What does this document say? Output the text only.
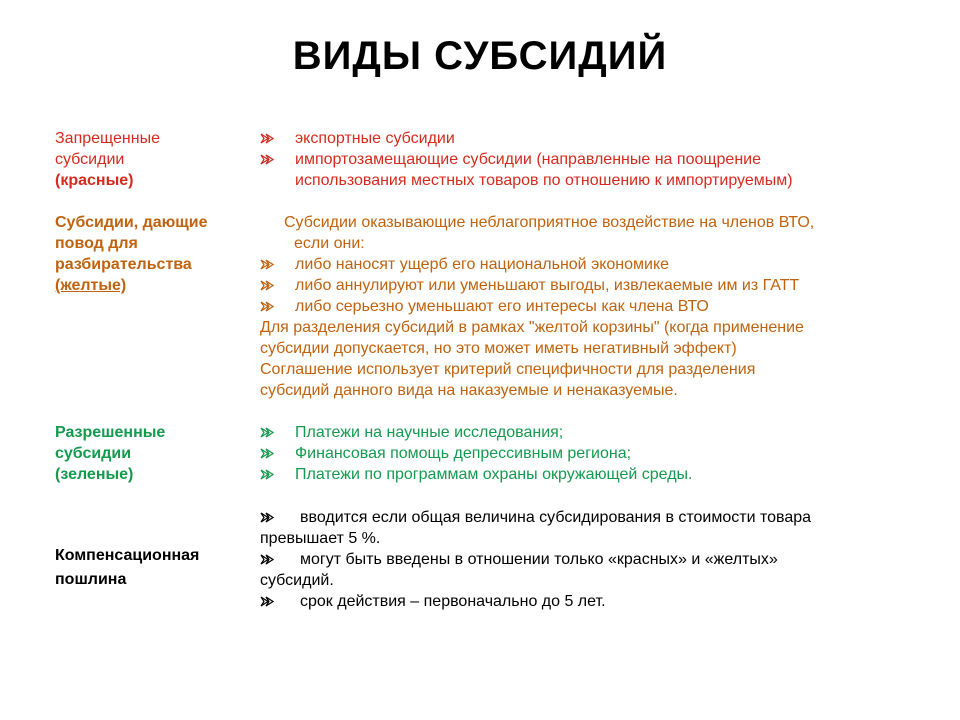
ВИДЫ СУБСИДИЙ
Запрещенные
субсидии
(красные)
экспортные субсидии
импортозамещающие субсидии (направленные на поощрение
использования местных товаров по отношению к импортируемым)
Субсидии, дающие
повод для
разбирательства
(желтые)
Субсидии оказывающие неблагоприятное воздействие на членов ВТО,
если они:
либо наносят ущерб его национальной экономике
либо аннулируют или уменьшают выгоды, извлекаемые им из ГАТТ
либо серьезно уменьшают его интересы как члена ВТО
Для разделения субсидий в рамках "желтой корзины" (когда применение
субсидии допускается, но это может иметь негативный эффект)
Соглашение использует критерий специфичности для разделения
субсидий данного вида на наказуемые и ненаказуемые.
Разрешенные
субсидии
(зеленые)
Платежи на научные исследования;
Финансовая помощь депрессивным региона;
Платежи по программам охраны окружающей среды.
Компенсационная
пошлина
вводится если общая величина субсидирования в стоимости товара
превышает 5 %.
могут быть введены в отношении только «красных» и «желтых»
субсидий.
срок действия – первоначально до 5 лет.
